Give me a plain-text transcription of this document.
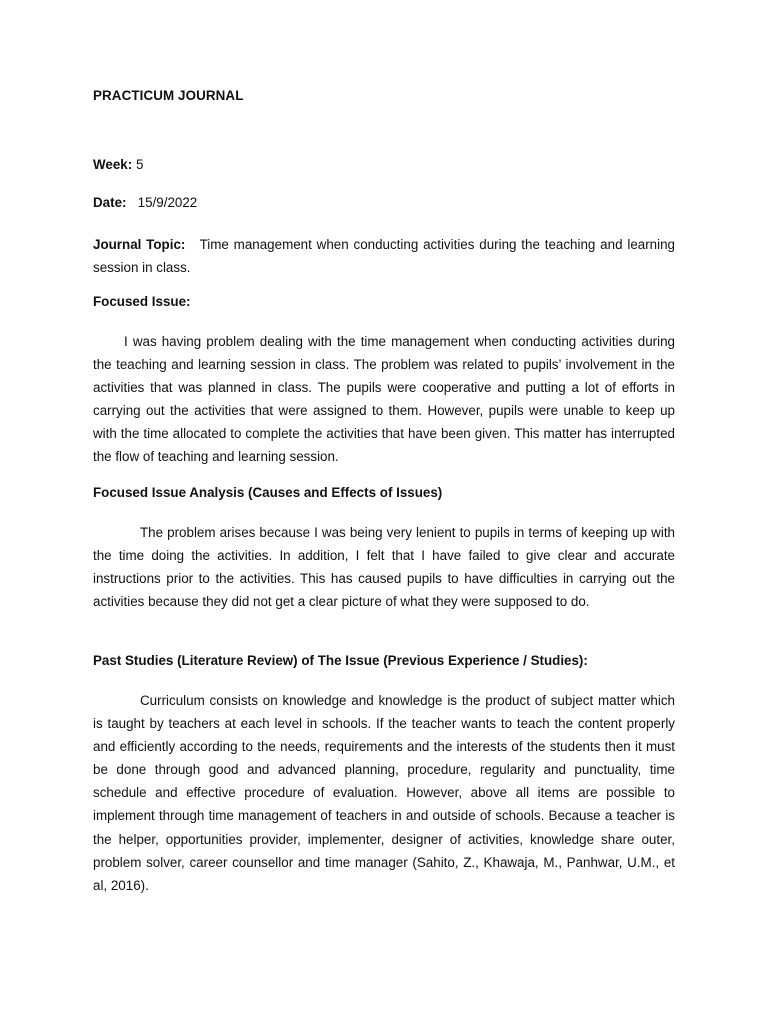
PRACTICUM JOURNAL
Week: 5
Date: 15/9/2022
Journal Topic: Time management when conducting activities during the teaching and learning session in class.
Focused Issue:

I was having problem dealing with the time management when conducting activities during the teaching and learning session in class. The problem was related to pupils’ involvement in the activities that was planned in class. The pupils were cooperative and putting a lot of efforts in carrying out the activities that were assigned to them. However, pupils were unable to keep up with the time allocated to complete the activities that have been given. This matter has interrupted the flow of teaching and learning session.

Focused Issue Analysis (Causes and Effects of Issues)

The problem arises because I was being very lenient to pupils in terms of keeping up with the time doing the activities. In addition, I felt that I have failed to give clear and accurate instructions prior to the activities. This has caused pupils to have difficulties in carrying out the activities because they did not get a clear picture of what they were supposed to do.

Past Studies (Literature Review) of The Issue (Previous Experience / Studies):

Curriculum consists on knowledge and knowledge is the product of subject matter which is taught by teachers at each level in schools. If the teacher wants to teach the content properly and efficiently according to the needs, requirements and the interests of the students then it must be done through good and advanced planning, procedure, regularity and punctuality, time schedule and effective procedure of evaluation. However, above all items are possible to implement through time management of teachers in and outside of schools. Because a teacher is the helper, opportunities provider, implementer, designer of activities, knowledge share outer, problem solver, career counsellor and time manager (Sahito, Z., Khawaja, M., Panhwar, U.M., et al, 2016).
